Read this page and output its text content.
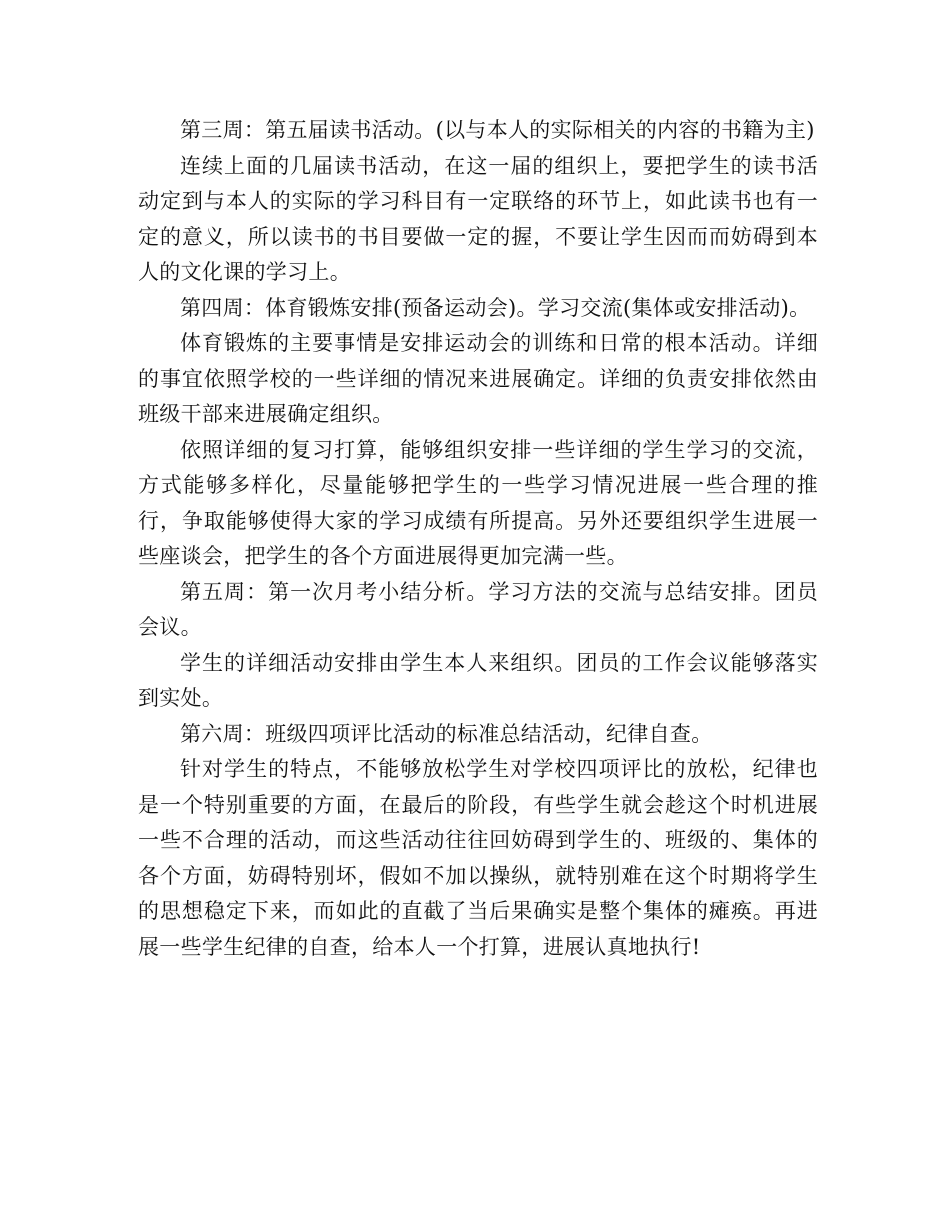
第三周：第五届读书活动。(以与本人的实际相关的内容的书籍为主)

连续上面的几届读书活动，在这一届的组织上，要把学生的读书活动定到与本人的实际的学习科目有一定联络的环节上，如此读书也有一定的意义，所以读书的书目要做一定的握，不要让学生因而而妨碍到本人的文化课的学习上。

第四周：体育锻炼安排(预备运动会)。学习交流(集体或安排活动)。

体育锻炼的主要事情是安排运动会的训练和日常的根本活动。详细的事宜依照学校的一些详细的情况来进展确定。详细的负责安排依然由班级干部来进展确定组织。

依照详细的复习打算，能够组织安排一些详细的学生学习的交流，方式能够多样化，尽量能够把学生的一些学习情况进展一些合理的推行，争取能够使得大家的学习成绩有所提高。另外还要组织学生进展一些座谈会，把学生的各个方面进展得更加完满一些。

第五周：第一次月考小结分析。学习方法的交流与总结安排。团员会议。

学生的详细活动安排由学生本人来组织。团员的工作会议能够落实到实处。

第六周：班级四项评比活动的标准总结活动，纪律自查。

针对学生的特点，不能够放松学生对学校四项评比的放松，纪律也是一个特别重要的方面，在最后的阶段，有些学生就会趁这个时机进展一些不合理的活动，而这些活动往往回妨碍到学生的、班级的、集体的各个方面，妨碍特别坏，假如不加以操纵，就特别难在这个时期将学生的思想稳定下来，而如此的直截了当后果确实是整个集体的瘫痪。再进展一些学生纪律的自查，给本人一个打算，进展认真地执行!
